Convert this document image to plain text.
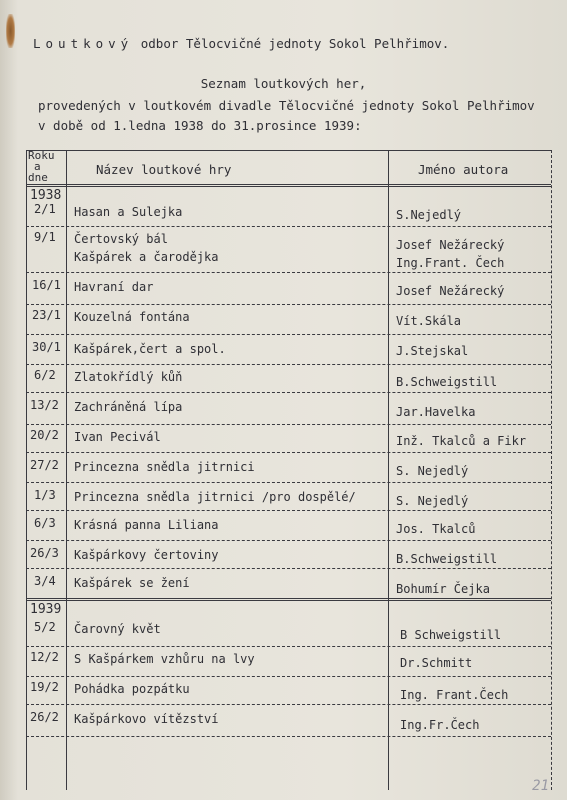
Loutkový odbor Tělocvičné jednoty Sokol Pelhřimov.
Seznam loutkových her,
provedených v loutkovém divadle Tělocvičné jednoty Sokol Pelhřimov
v době od 1.ledna 1938 do 31.prosince 1939:
Roku
a
dne
Název loutkové hry	Jméno autora
1938
2/1 Hasan a Sulejka	S.Nejedlý
9/1 Čertovský bál	Josef Nežárecký
Kašpárek a čarodějka	Ing.Frant. Čech
16/1 Havraní dar	Josef Nežárecký
23/1 Kouzelná fontána	Vít.Skála
30/1 Kašpárek,čert a spol.	J.Stejskal
6/2 Zlatokřídlý kůň	B.Schweigstill
13/2 Zachráněná lípa	Jar.Havelka
20/2 Ivan Pecivál	Inž. Tkalců a Fikr
27/2 Princezna snědla jitrnici	S. Nejedlý
1/3 Princezna snědla jitrnici /pro dospělé/	S. Nejedlý
6/3 Krásná panna Liliana	Jos. Tkalců
26/3 Kašpárkovy čertoviny	B.Schweigstill
3/4 Kašpárek se žení	Bohumír Čejka
1939
5/2 Čarovný květ	B Schweigstill
12/2 S Kašpárkem vzhůru na lvy	Dr.Schmitt
19/2 Pohádka pozpátku	Ing. Frant.Čech
26/2 Kašpárkovo vítězství	Ing.Fr.Čech
21
